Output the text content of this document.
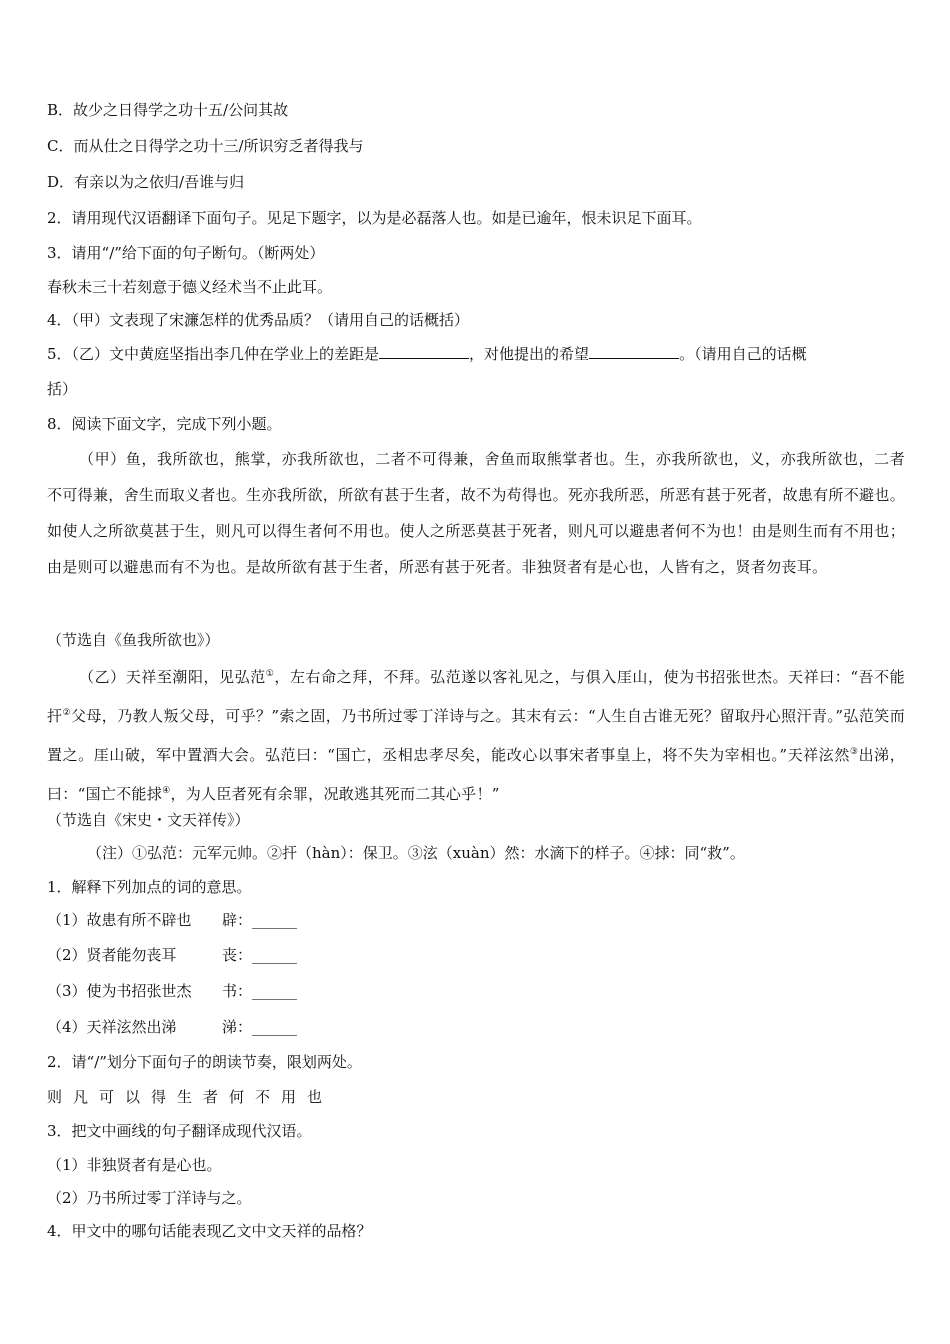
B．故少之日得学之功十五/公问其故
C．而从仕之日得学之功十三/所识穷乏者得我与
D．有亲以为之依归/吾谁与归
2．请用现代汉语翻译下面句子。见足下题字，以为是必磊落人也。如是已逾年，恨未识足下面耳。
3．请用“/”给下面的句子断句。（断两处）
春秋未三十若刻意于德义经术当不止此耳。
4．（甲）文表现了宋濂怎样的优秀品质？（请用自己的话概括）
5．（乙）文中黄庭坚指出李几仲在学业上的差距是	，对他提出的希望	。（请用自己的话概
括）
8．阅读下面文字，完成下列小题。
（甲）鱼，我所欲也，熊掌，亦我所欲也，二者不可得兼，舍鱼而取熊掌者也。生，亦我所欲也，义，亦我所欲也，二者不可得兼，舍生而取义者也。生亦我所欲，所欲有甚于生者，故不为苟得也。死亦我所恶，所恶有甚于死者，故患有所不避也。如使人之所欲莫甚于生，则凡可以得生者何不用也。使人之所恶莫甚于死者，则凡可以避患者何不为也！由是则生而有不用也；由是则可以避患而有不为也。是故所欲有甚于生者，所恶有甚于死者。非独贤者有是心也，人皆有之，贤者勿丧耳。
（节选自《鱼我所欲也》）
（乙）天祥至潮阳，见弘范①，左右命之拜，不拜。弘范遂以客礼见之，与俱入厓山，使为书招张世杰。天祥曰：“吾不能扞②父母，乃教人叛父母，可乎？”索之固，乃书所过零丁洋诗与之。其末有云：“人生自古谁无死？留取丹心照汗青。”弘范笑而置之。厓山破，军中置酒大会。弘范曰：“国亡，丞相忠孝尽矣，能改心以事宋者事皇上，将不失为宰相也。”天祥泫然③出涕，曰：“国亡不能捄④，为人臣者死有余罪，况敢逃其死而二其心乎！”
（节选自《宋史・文天祥传》）
（注）①弘范：元军元帅。②扞（hàn）：保卫。③泫（xuàn）然：水滴下的样子。④捄：同“救”。
1．解释下列加点的词的意思。
（1）故患有所不辟也 辟：______
（2）贤者能勿丧耳	丧：______
（3）使为书招张世杰 书：______
（4）天祥泫然出涕	涕：______
2．请“/”划分下面句子的朗读节奏，限划两处。
则凡可以得生者何不用也
3．把文中画线的句子翻译成现代汉语。
（1）非独贤者有是心也。
（2）乃书所过零丁洋诗与之。
4．甲文中的哪句话能表现乙文中文天祥的品格？
